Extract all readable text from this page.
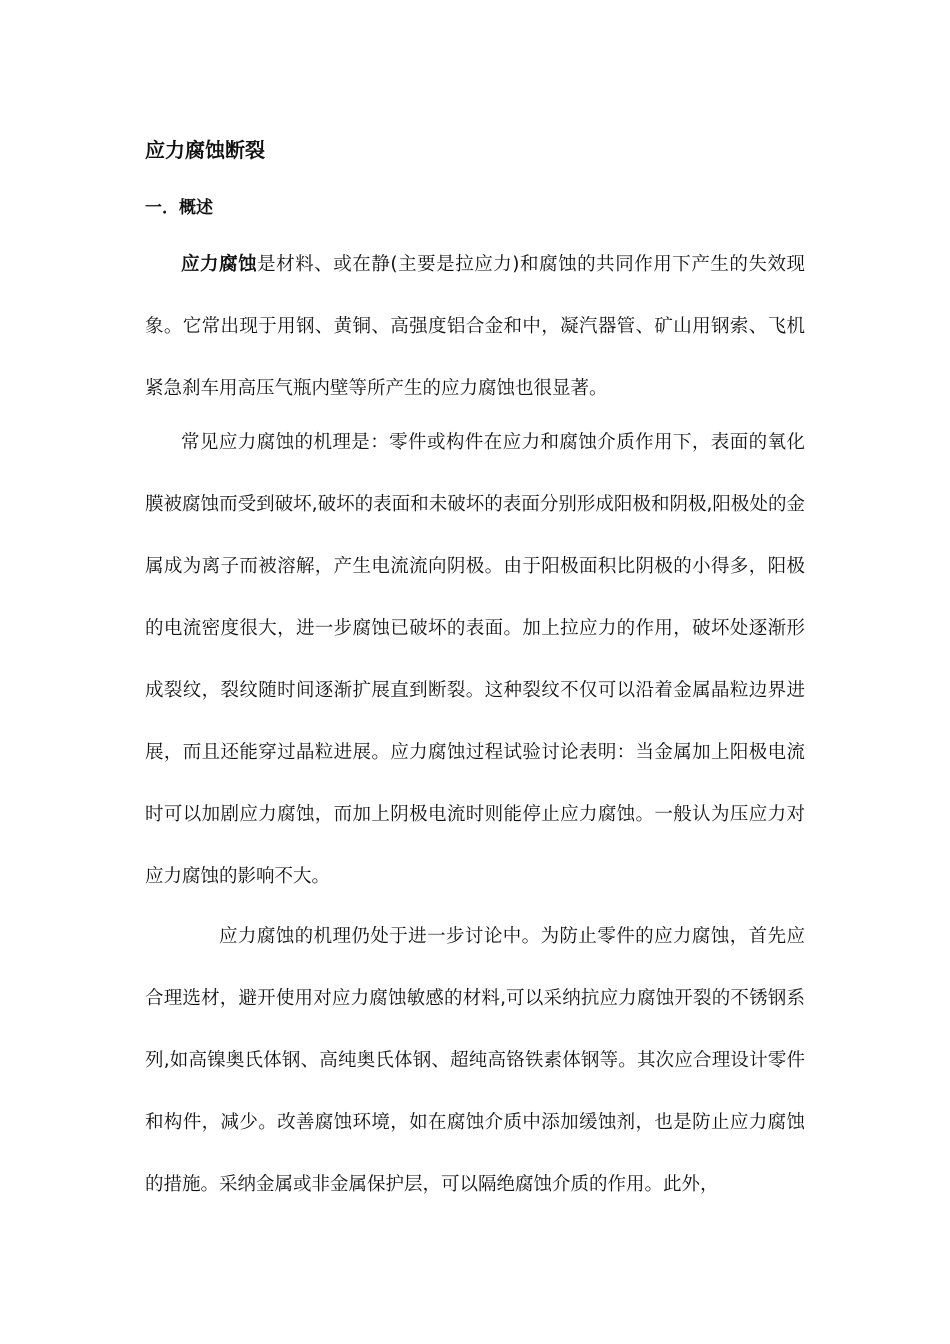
应力腐蚀断裂
一．概述

应力腐蚀是材料、或在静(主要是拉应力)和腐蚀的共同作用下产生的失效现象。它常出现于用钢、黄铜、高强度铝合金和中，凝汽器管、矿山用钢索、飞机紧急刹车用高压气瓶内壁等所产生的应力腐蚀也很显著。

常见应力腐蚀的机理是：零件或构件在应力和腐蚀介质作用下，表面的氧化膜被腐蚀而受到破坏,破坏的表面和未破坏的表面分别形成阳极和阴极,阳极处的金属成为离子而被溶解，产生电流流向阴极。由于阳极面积比阴极的小得多，阳极的电流密度很大，进一步腐蚀已破坏的表面。加上拉应力的作用，破坏处逐渐形成裂纹，裂纹随时间逐渐扩展直到断裂。这种裂纹不仅可以沿着金属晶粒边界进展，而且还能穿过晶粒进展。应力腐蚀过程试验讨论表明：当金属加上阳极电流时可以加剧应力腐蚀，而加上阴极电流时则能停止应力腐蚀。一般认为压应力对应力腐蚀的影响不大。

应力腐蚀的机理仍处于进一步讨论中。为防止零件的应力腐蚀，首先应合理选材，避开使用对应力腐蚀敏感的材料,可以采纳抗应力腐蚀开裂的不锈钢系列,如高镍奥氏体钢、高纯奥氏体钢、超纯高铬铁素体钢等。其次应合理设计零件和构件，减少。改善腐蚀环境，如在腐蚀介质中添加缓蚀剂，也是防止应力腐蚀的措施。采纳金属或非金属保护层，可以隔绝腐蚀介质的作用。此外，
